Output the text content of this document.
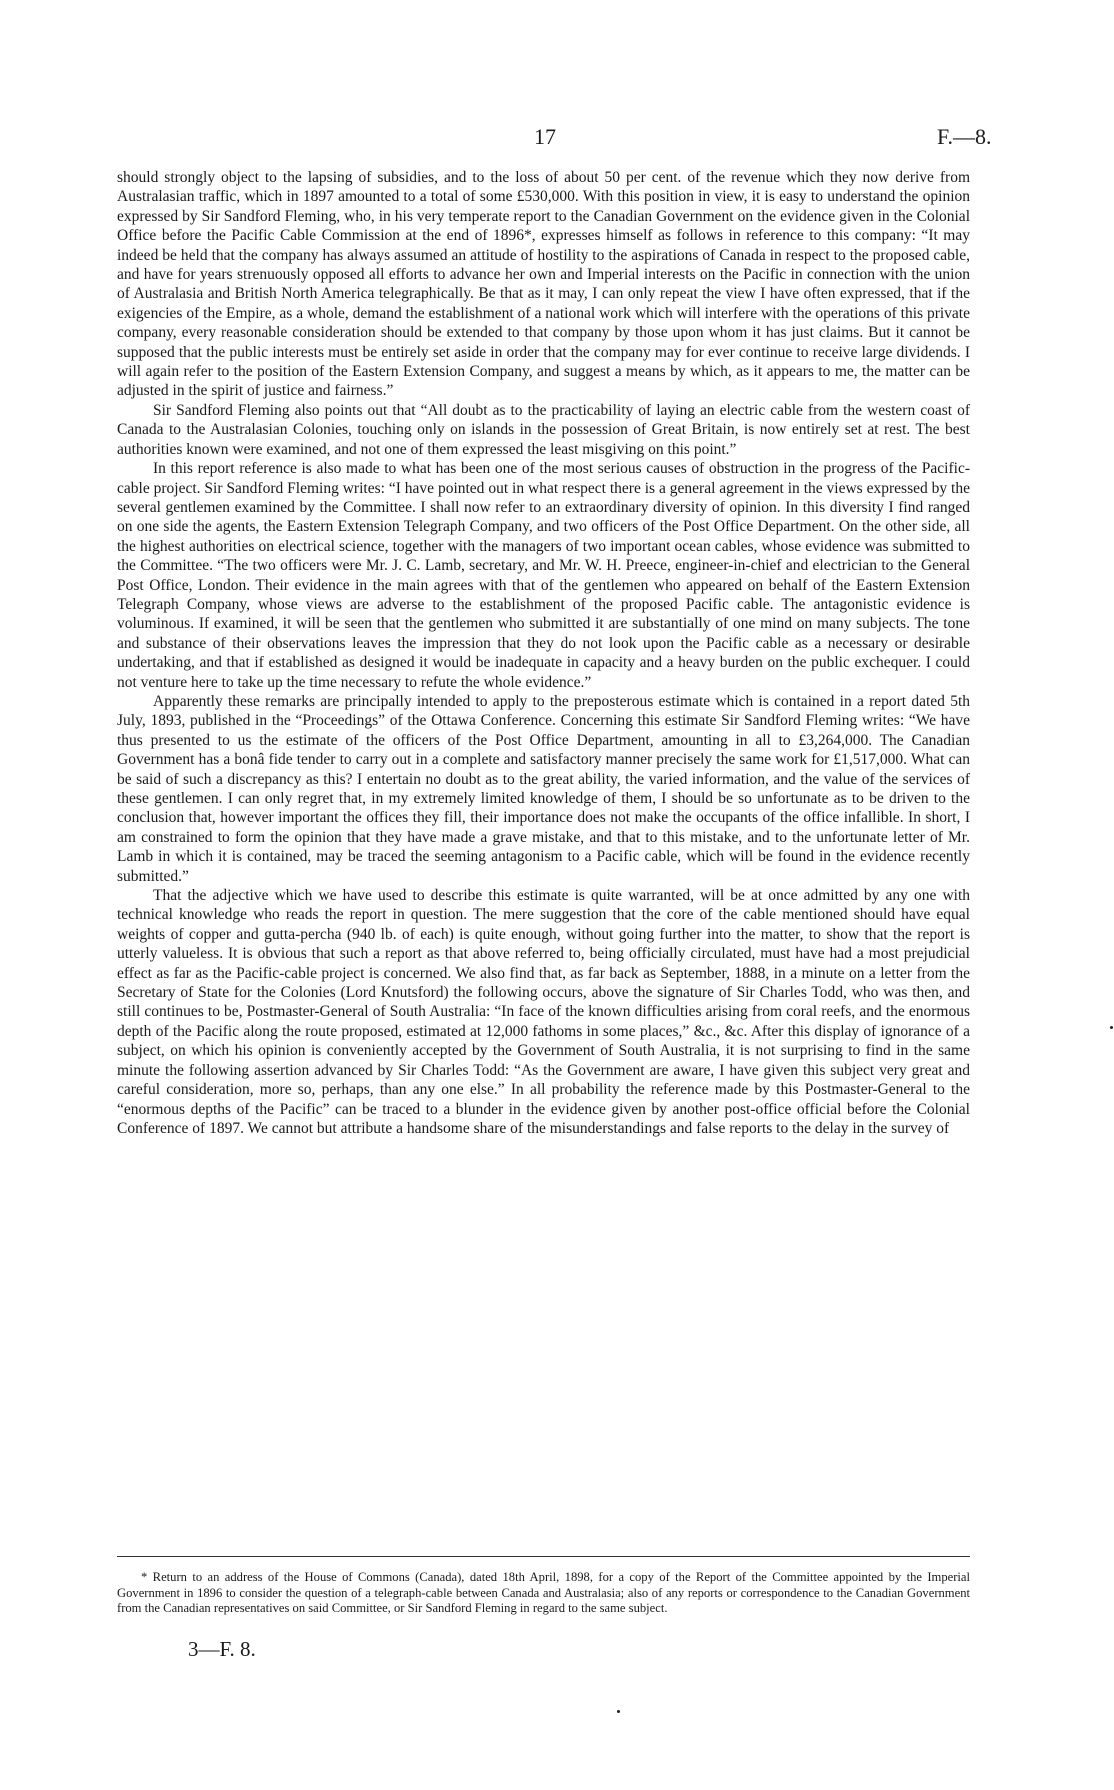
17	F.—8.

should strongly object to the lapsing of subsidies, and to the loss of about 50 per cent. of the revenue which they now derive from Australasian traffic, which in 1897 amounted to a total of some £530,000. With this position in view, it is easy to understand the opinion expressed by Sir Sandford Fleming, who, in his very temperate report to the Canadian Government on the evidence given in the Colonial Office before the Pacific Cable Commission at the end of 1896*, expresses himself as follows in reference to this company: “It may indeed be held that the company has always assumed an attitude of hostility to the aspirations of Canada in respect to the proposed cable, and have for years strenuously opposed all efforts to advance her own and Imperial interests on the Pacific in connection with the union of Australasia and British North America telegraphically. Be that as it may, I can only repeat the view I have often expressed, that if the exigencies of the Empire, as a whole, demand the establishment of a national work which will interfere with the operations of this private company, every reasonable consideration should be extended to that company by those upon whom it has just claims. But it cannot be supposed that the public interests must be entirely set aside in order that the company may for ever continue to receive large dividends. I will again refer to the position of the Eastern Extension Company, and suggest a means by which, as it appears to me, the matter can be adjusted in the spirit of justice and fairness.”

Sir Sandford Fleming also points out that “All doubt as to the practicability of laying an electric cable from the western coast of Canada to the Australasian Colonies, touching only on islands in the possession of Great Britain, is now entirely set at rest. The best authorities known were examined, and not one of them expressed the least misgiving on this point.”

In this report reference is also made to what has been one of the most serious causes of obstruction in the progress of the Pacific-cable project. Sir Sandford Fleming writes: “I have pointed out in what respect there is a general agreement in the views expressed by the several gentlemen examined by the Committee. I shall now refer to an extraordinary diversity of opinion. In this diversity I find ranged on one side the agents, the Eastern Extension Telegraph Company, and two officers of the Post Office Department. On the other side, all the highest authorities on electrical science, together with the managers of two important ocean cables, whose evidence was submitted to the Committee. “The two officers were Mr. J. C. Lamb, secretary, and Mr. W. H. Preece, engineer-in-chief and electrician to the General Post Office, London. Their evidence in the main agrees with that of the gentlemen who appeared on behalf of the Eastern Extension Telegraph Company, whose views are adverse to the establishment of the proposed Pacific cable. The antagonistic evidence is voluminous. If examined, it will be seen that the gentlemen who submitted it are substantially of one mind on many subjects. The tone and substance of their observations leaves the impression that they do not look upon the Pacific cable as a necessary or desirable undertaking, and that if established as designed it would be inadequate in capacity and a heavy burden on the public exchequer. I could not venture here to take up the time necessary to refute the whole evidence.”

Apparently these remarks are principally intended to apply to the preposterous estimate which is contained in a report dated 5th July, 1893, published in the “Proceedings” of the Ottawa Conference. Concerning this estimate Sir Sandford Fleming writes: “We have thus presented to us the estimate of the officers of the Post Office Department, amounting in all to £3,264,000. The Canadian Government has a bonâ fide tender to carry out in a complete and satisfactory manner precisely the same work for £1,517,000. What can be said of such a discrepancy as this? I entertain no doubt as to the great ability, the varied information, and the value of the services of these gentlemen. I can only regret that, in my extremely limited knowledge of them, I should be so unfortunate as to be driven to the conclusion that, however important the offices they fill, their importance does not make the occupants of the office infallible. In short, I am constrained to form the opinion that they have made a grave mistake, and that to this mistake, and to the unfortunate letter of Mr. Lamb in which it is contained, may be traced the seeming antagonism to a Pacific cable, which will be found in the evidence recently submitted.”

That the adjective which we have used to describe this estimate is quite warranted, will be at once admitted by any one with technical knowledge who reads the report in question. The mere suggestion that the core of the cable mentioned should have equal weights of copper and gutta-percha (940 lb. of each) is quite enough, without going further into the matter, to show that the report is utterly valueless. It is obvious that such a report as that above referred to, being officially circulated, must have had a most prejudicial effect as far as the Pacific-cable project is concerned. We also find that, as far back as September, 1888, in a minute on a letter from the Secretary of State for the Colonies (Lord Knutsford) the following occurs, above the signature of Sir Charles Todd, who was then, and still continues to be, Postmaster-General of South Australia: “In face of the known difficulties arising from coral reefs, and the enormous depth of the Pacific along the route proposed, estimated at 12,000 fathoms in some places,” &c., &c. After this display of ignorance of a subject, on which his opinion is conveniently accepted by the Government of South Australia, it is not surprising to find in the same minute the following assertion advanced by Sir Charles Todd: “As the Government are aware, I have given this subject very great and careful consideration, more so, perhaps, than any one else.” In all probability the reference made by this Postmaster-General to the “enormous depths of the Pacific” can be traced to a blunder in the evidence given by another post-office official before the Colonial Conference of 1897. We cannot but attribute a handsome share of the misunderstandings and false reports to the delay in the survey of

* Return to an address of the House of Commons (Canada), dated 18th April, 1898, for a copy of the Report of the Committee appointed by the Imperial Government in 1896 to consider the question of a telegraph-cable between Canada and Australasia; also of any reports or correspondence to the Canadian Government from the Canadian representatives on said Committee, or Sir Sandford Fleming in regard to the same subject.

3—F. 8.
